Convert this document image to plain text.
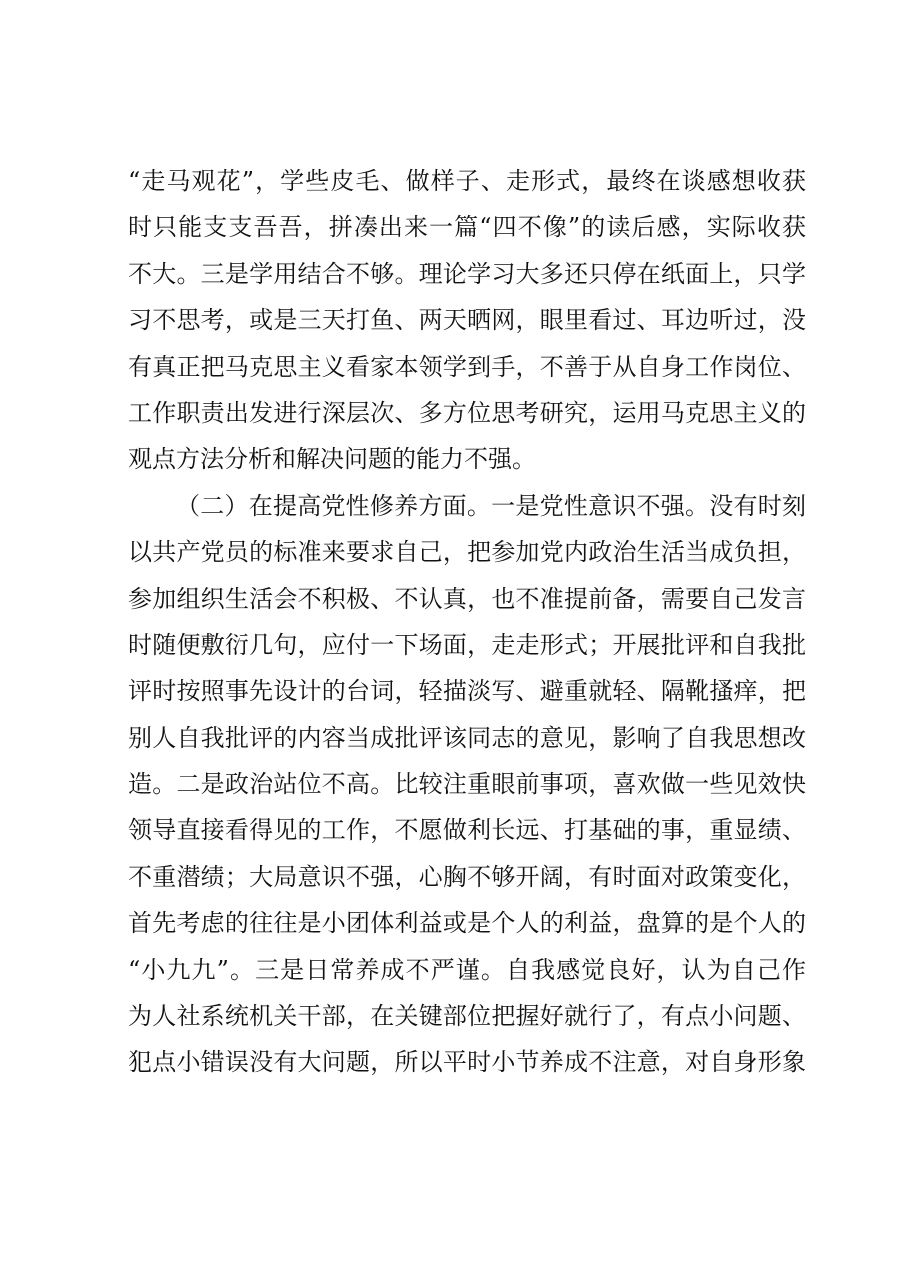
“走马观花”，学些皮毛、做样子、走形式，最终在谈感想收获
时只能支支吾吾，拼凑出来一篇“四不像”的读后感，实际收获
不大。三是学用结合不够。理论学习大多还只停在纸面上，只学
习不思考，或是三天打鱼、两天晒网，眼里看过、耳边听过，没
有真正把马克思主义看家本领学到手，不善于从自身工作岗位、
工作职责出发进行深层次、多方位思考研究，运用马克思主义的
观点方法分析和解决问题的能力不强。
（二）在提高党性修养方面。一是党性意识不强。没有时刻
以共产党员的标准来要求自己，把参加党内政治生活当成负担，
参加组织生活会不积极、不认真，也不准提前备，需要自己发言
时随便敷衍几句，应付一下场面，走走形式；开展批评和自我批
评时按照事先设计的台词，轻描淡写、避重就轻、隔靴搔痒，把
别人自我批评的内容当成批评该同志的意见，影响了自我思想改
造。二是政治站位不高。比较注重眼前事项，喜欢做一些见效快
领导直接看得见的工作，不愿做利长远、打基础的事，重显绩、
不重潜绩；大局意识不强，心胸不够开阔，有时面对政策变化，
首先考虑的往往是小团体利益或是个人的利益，盘算的是个人的
“小九九”。三是日常养成不严谨。自我感觉良好，认为自己作
为人社系统机关干部，在关键部位把握好就行了，有点小问题、
犯点小错误没有大问题，所以平时小节养成不注意，对自身形象
